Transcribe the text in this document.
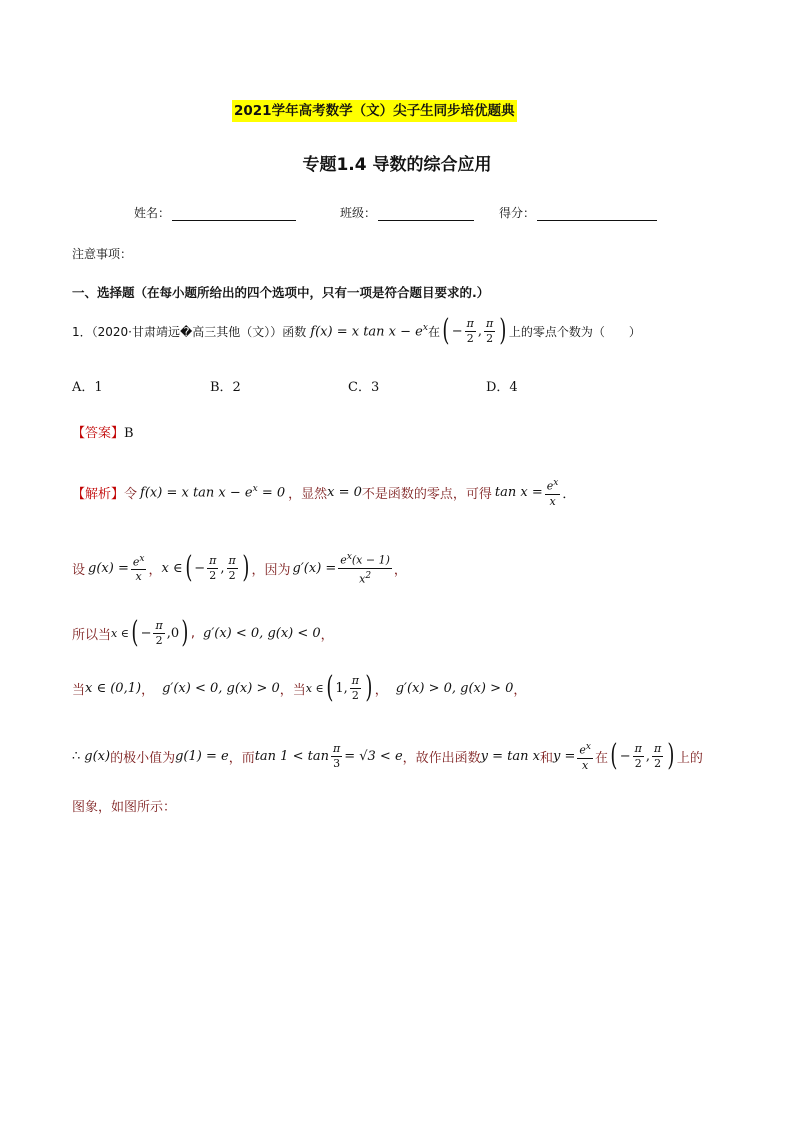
2021学年高考数学（文）尖子生同步培优题典
专题1.4 导数的综合应用
姓名：	班级：	得分：
注意事项：
一、选择题（在每小题所给出的四个选项中，只有一项是符合题目要求的.）
1．（2020·甘肃靖远�高三其他（文））函数 f(x) = x $\tan x - e^x$ 在 ( − $\frac{\pi}{2}$ , $\frac{\pi}{2}$ ) 上的零点个数为（　　）
A．1	B．2	C．3	D．4
【答案】B
【解析】 令 f(x) = x $\tan x - e^x = 0$ ，显然 x = 0 不是函数的零点，可得 $\tan x = \frac{e^x}{x}$ ．
设 $g(x) = \frac{e^x}{x}$ ， x ∈ ( − $\frac{\pi}{2}$ , $\frac{\pi}{2}$ ) ，因为 $g'(x) = \frac{e^x(x - 1)}{x^2}$ ，
所以当 x ∈ ( − $\frac{\pi}{2}$ , 0 ) , g′(x) < 0, g(x) < 0 ，
当 x ∈ (0,1) ， g′(x) < 0, g(x) > 0 ，当 x ∈ ( 1 , $\frac{\pi}{2}$ ) ， g′(x) > 0, g(x) > 0 ，
∴ g(x) 的极小值为 g(1) = e ，而 $\tan 1 < \tan \frac{\pi}{3} = √3 < e$ ，故作出函数 y = tan x 和 $y = \frac{e^x}{x}$ 在 ( − $\frac{\pi}{2}$ , $\frac{\pi}{2}$ ) 上的
图象，如图所示：
